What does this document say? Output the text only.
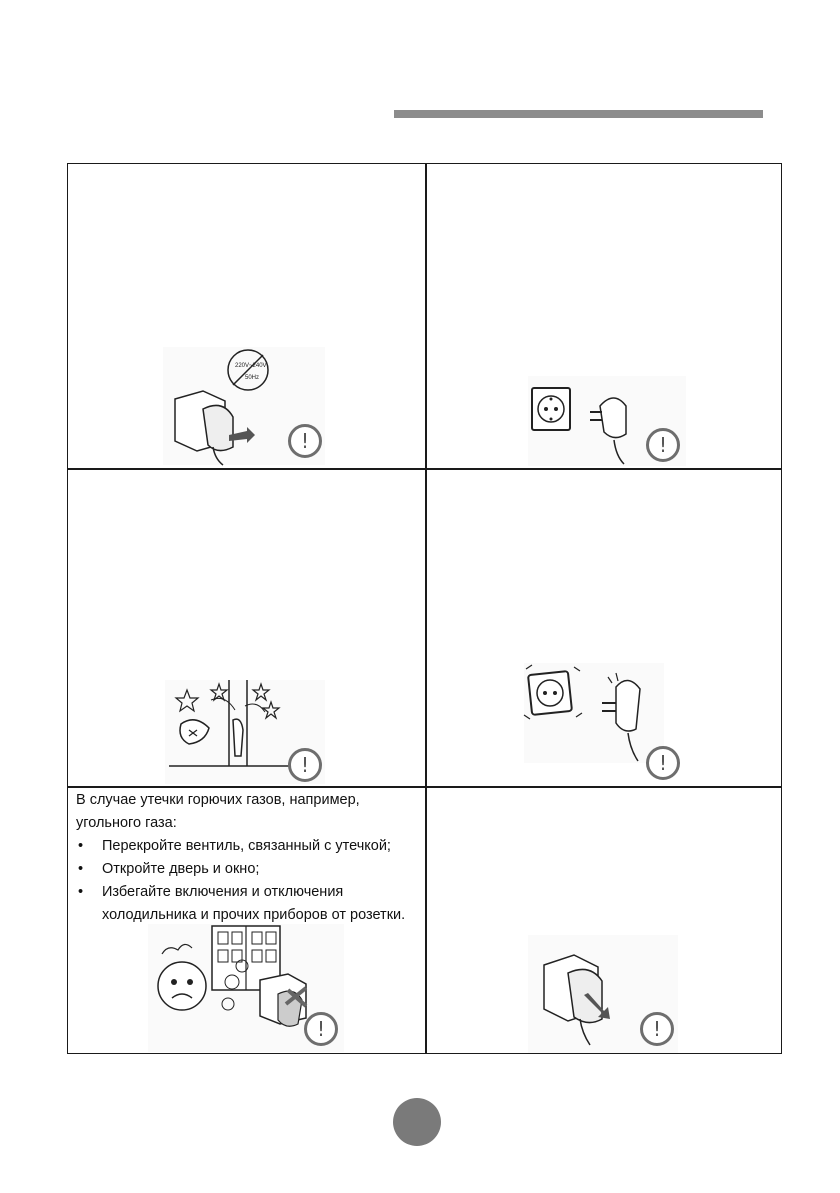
220V~240V
50Hz
!	!
!	!

В случае утечки горючих газов, например, угольного газа:

• Перекройте вентиль, связанный с утечкой;
• Откройте дверь и окно;
• Избегайте включения и отключения холодильника и прочих приборов от розетки.
!	!
